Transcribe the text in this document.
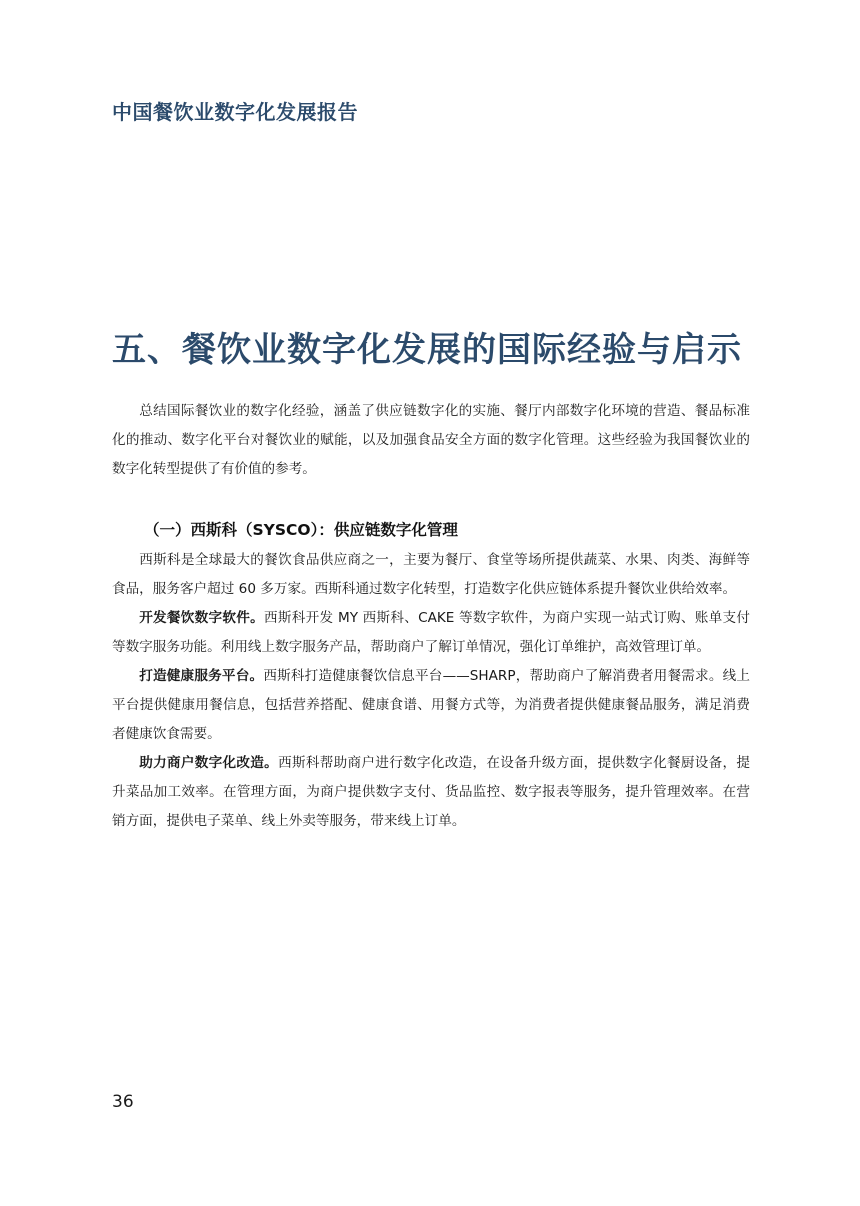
中国餐饮业数字化发展报告
五、餐饮业数字化发展的国际经验与启示

总结国际餐饮业的数字化经验，涵盖了供应链数字化的实施、餐厅内部数字化环境的营造、餐品标准化的推动、数字化平台对餐饮业的赋能，以及加强食品安全方面的数字化管理。这些经验为我国餐饮业的数字化转型提供了有价值的参考。

（一）西斯科（SYSCO）：供应链数字化管理

西斯科是全球最大的餐饮食品供应商之一，主要为餐厅、食堂等场所提供蔬菜、水果、肉类、海鲜等食品，服务客户超过 60 多万家。西斯科通过数字化转型，打造数字化供应链体系提升餐饮业供给效率。

开发餐饮数字软件。西斯科开发 MY 西斯科、CAKE 等数字软件，为商户实现一站式订购、账单支付等数字服务功能。利用线上数字服务产品，帮助商户了解订单情况，强化订单维护，高效管理订单。

打造健康服务平台。西斯科打造健康餐饮信息平台——SHARP，帮助商户了解消费者用餐需求。线上平台提供健康用餐信息，包括营养搭配、健康食谱、用餐方式等，为消费者提供健康餐品服务，满足消费者健康饮食需要。

助力商户数字化改造。西斯科帮助商户进行数字化改造，在设备升级方面，提供数字化餐厨设备，提升菜品加工效率。在管理方面，为商户提供数字支付、货品监控、数字报表等服务，提升管理效率。在营销方面，提供电子菜单、线上外卖等服务，带来线上订单。

36
